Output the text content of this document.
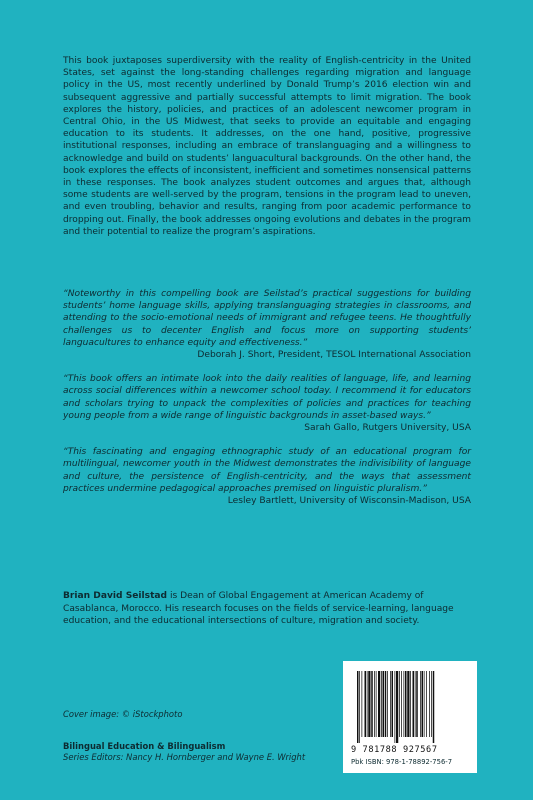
This book juxtaposes superdiversity with the reality of English-centricity in the United States, set against the long-standing challenges regarding migration and language policy in the US, most recently underlined by Donald Trump’s 2016 election win and subsequent aggressive and partially successful attempts to limit migration. The book explores the history, policies, and practices of an adolescent newcomer program in Central Ohio, in the US Midwest, that seeks to provide an equitable and engaging education to its students. It addresses, on the one hand, positive, progressive institutional responses, including an embrace of translanguaging and a willingness to acknowledge and build on students’ languacultural backgrounds. On the other hand, the book explores the effects of inconsistent, inefficient and sometimes nonsensical patterns in these responses. The book analyzes student outcomes and argues that, although some students are well-served by the program, tensions in the program lead to uneven, and even troubling, behavior and results, ranging from poor academic performance to dropping out. Finally, the book addresses ongoing evolutions and debates in the program and their potential to realize the program’s aspirations.
“Noteworthy in this compelling book are Seilstad’s practical suggestions for building students’ home language skills, applying translanguaging strategies in classrooms, and attending to the socio-emotional needs of immigrant and refugee teens. He thoughtfully challenges us to decenter English and focus more on supporting students’ languacultures to enhance equity and effectiveness.”
Deborah J. Short, President, TESOL International Association
“This book offers an intimate look into the daily realities of language, life, and learning across social differences within a newcomer school today. I recommend it for educators and scholars trying to unpack the complexities of policies and practices for teaching young people from a wide range of linguistic backgrounds in asset-based ways.”
Sarah Gallo, Rutgers University, USA
“This fascinating and engaging ethnographic study of an educational program for multilingual, newcomer youth in the Midwest demonstrates the indivisibility of language and culture, the persistence of English-centricity, and the ways that assessment practices undermine pedagogical approaches premised on linguistic pluralism.”
Lesley Bartlett, University of Wisconsin-Madison, USA
Brian David Seilstad is Dean of Global Engagement at American Academy of Casablanca, Morocco. His research focuses on the fields of service-learning, language education, and the educational intersections of culture, migration and society.
Cover image: © iStockphoto
Bilingual Education & Bilingualism
Series Editors: Nancy H. Hornberger and Wayne E. Wright
9 781788 927567
Pbk ISBN: 978-1-78892-756-7
